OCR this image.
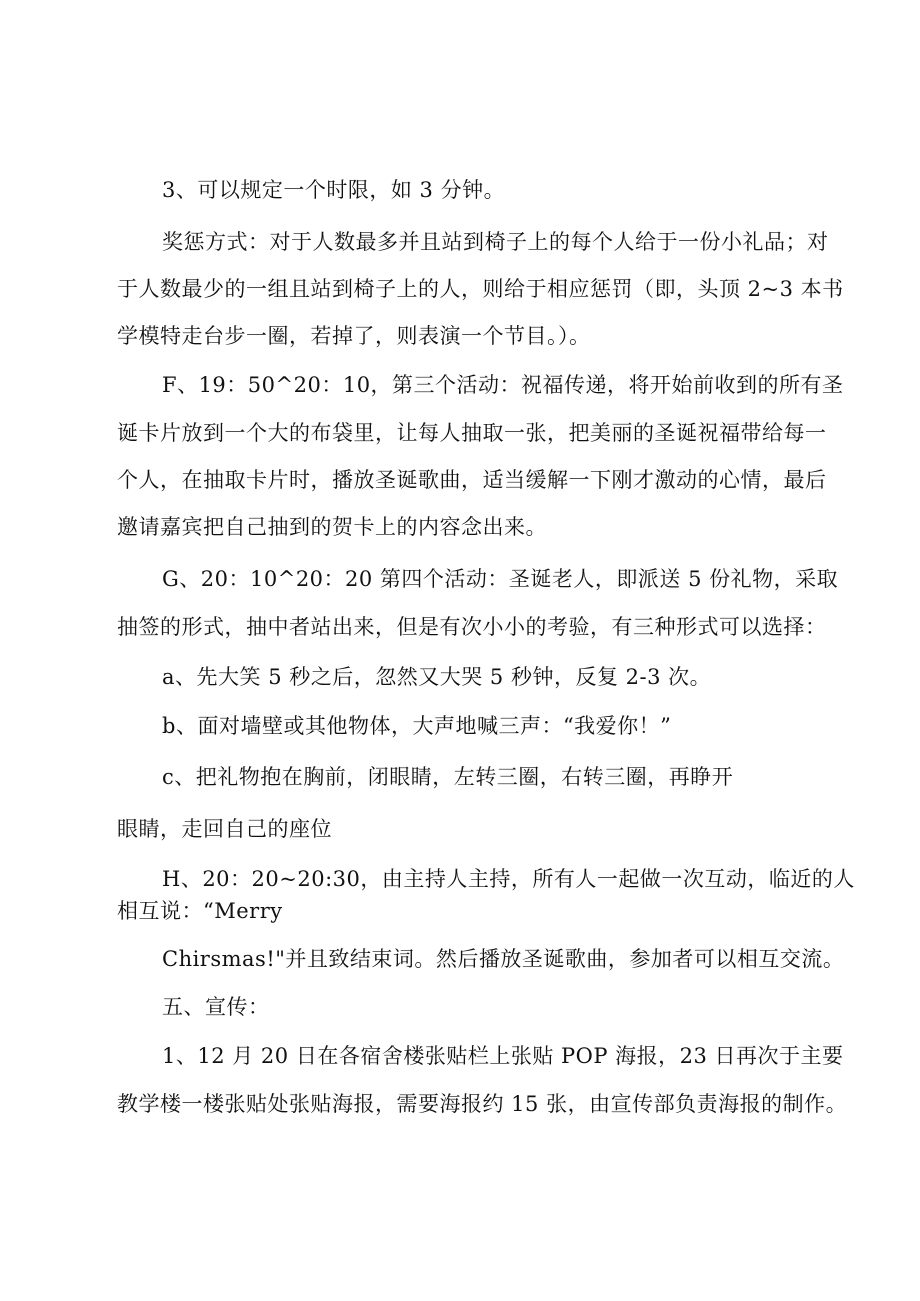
3、可以规定一个时限，如 3 分钟。
奖惩方式：对于人数最多并且站到椅子上的每个人给于一份小礼品；对
于人数最少的一组且站到椅子上的人，则给于相应惩罚（即，头顶 2~3 本书
学模特走台步一圈，若掉了，则表演一个节目。）。
F、19：50^20：10，第三个活动：祝福传递，将开始前收到的所有圣
诞卡片放到一个大的布袋里，让每人抽取一张，把美丽的圣诞祝福带给每一
个人，在抽取卡片时，播放圣诞歌曲，适当缓解一下刚才激动的心情，最后
邀请嘉宾把自己抽到的贺卡上的内容念出来。
G、20：10^20：20 第四个活动：圣诞老人，即派送 5 份礼物，采取
抽签的形式，抽中者站出来，但是有次小小的考验，有三种形式可以选择：
a、先大笑 5 秒之后，忽然又大哭 5 秒钟，反复 2-3 次。
b、面对墙壁或其他物体，大声地喊三声：“我爱你！”
c、把礼物抱在胸前，闭眼睛，左转三圈，右转三圈，再睁开
眼睛，走回自己的座位
H、20：20~20:30，由主持人主持，所有人一起做一次互动，临近的人
相互说：“Merry
Chirsmas!"并且致结束词。然后播放圣诞歌曲，参加者可以相互交流。
五、宣传：
1、12 月 20 日在各宿舍楼张贴栏上张贴 POP 海报，23 日再次于主要
教学楼一楼张贴处张贴海报，需要海报约 15 张，由宣传部负责海报的制作。
